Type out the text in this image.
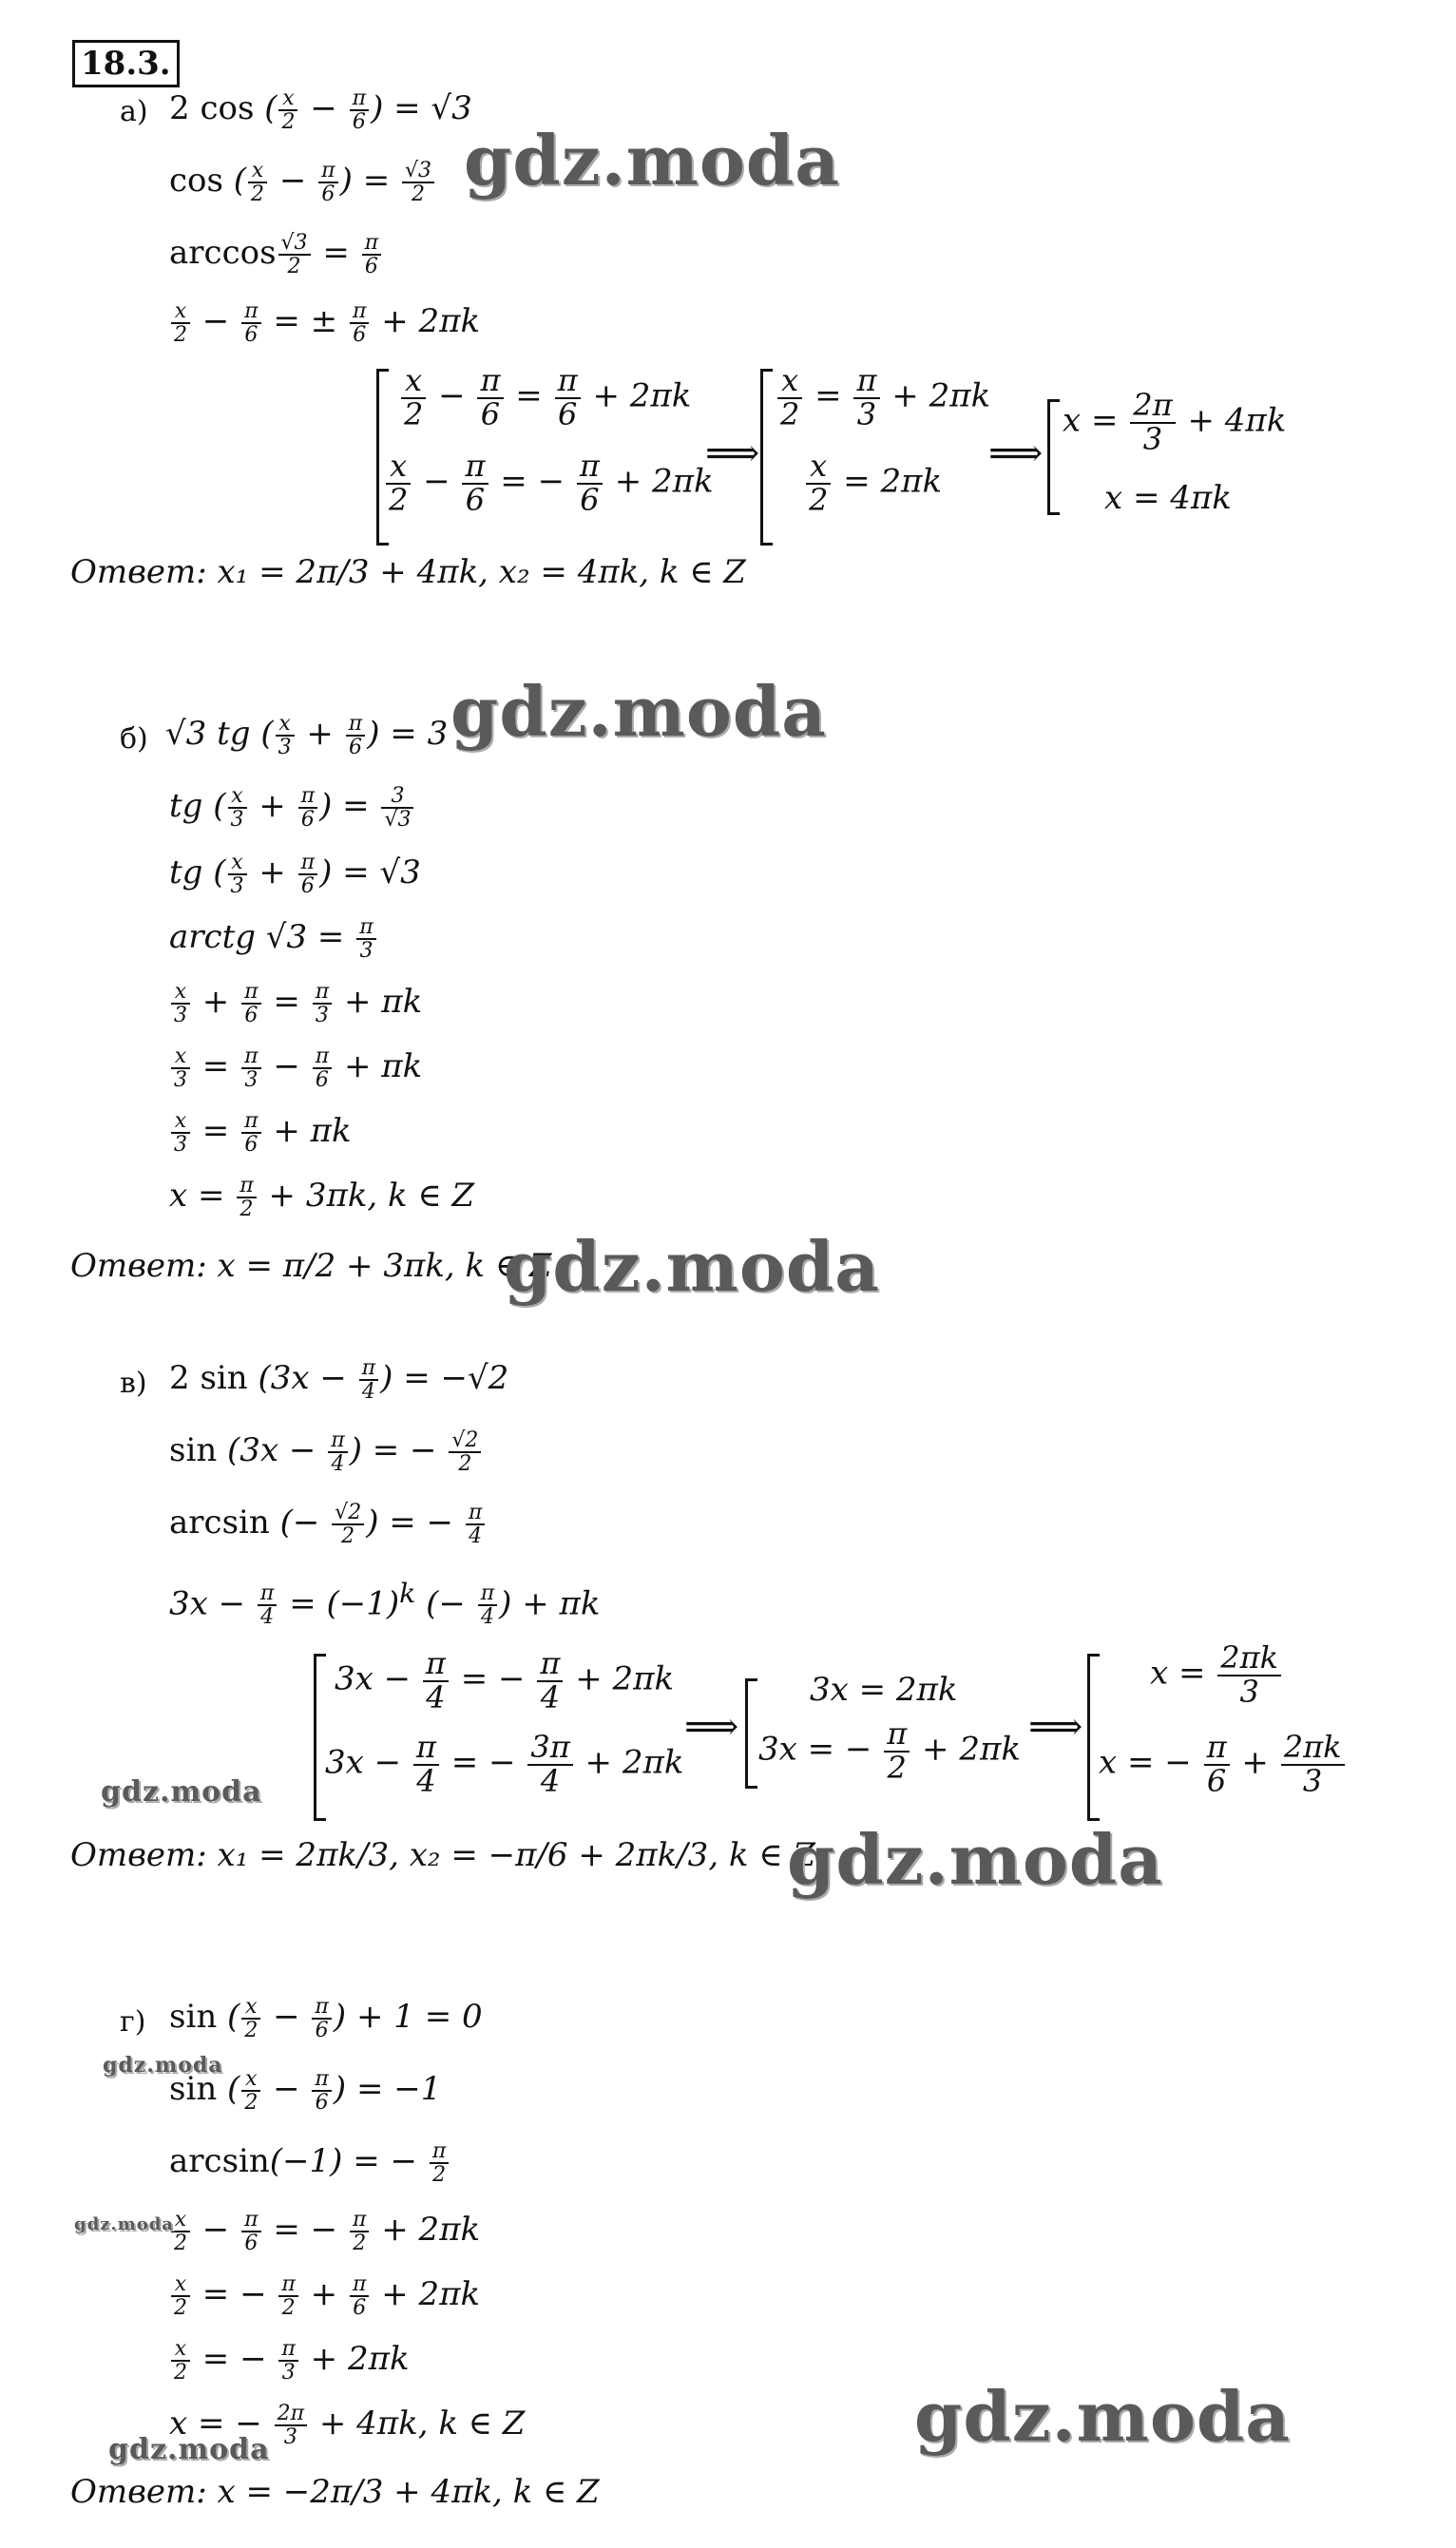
18.3.
а) 2 cos ( $\frac{x}{2} - \frac{\pi}{6}$ ) = √3
cos ( $\frac{x}{2} - \frac{\pi}{6}$ ) = $\frac{√3}{2}$
$\arccos \frac{√3}{2} = \frac{\pi}{6}$
$\frac{x}{2} - \frac{\pi}{6}$ = ± $\frac{\pi}{6} + 2\pi k$
$\frac{x}{2} - \frac{\pi}{6} = \frac{\pi}{6} + 2\pi k$
$\frac{x}{2} - \frac{\pi}{6}$ = − $\frac{\pi}{6} + 2\pi k$
⟹
$\frac{x}{2} = \frac{\pi}{3} + 2\pi k$
$\frac{x}{2} = 2\pi k$
⟹
$x = \frac{2\pi}{3} + 4\pi k$
x = 4πk
Ответ: x₁ = 2π/3 + 4πk, x₂ = 4πk, k ∈ Z
gdz.moda
б) √3 tg ( $\frac{x}{3} + \frac{\pi}{6}$ ) = 3
tg ( $\frac{x}{3} + \frac{\pi}{6}$ ) = $\frac{3}{√3}$
tg ( $\frac{x}{3} + \frac{\pi}{6}$ ) = √3
arctg $√3 = \frac{\pi}{3}$
$\frac{x}{3} + \frac{\pi}{6} = \frac{\pi}{3} + \pi k$
$\frac{x}{3} = \frac{\pi}{3} - \frac{\pi}{6} + \pi k$
$\frac{x}{3} = \frac{\pi}{6} + \pi k$
$x = \frac{\pi}{2} + 3\pi k$, k ∈ Z
Ответ: x = π/2 + 3πk, k ∈ Z
gdz.moda
gdz.moda
в) 2 $\sin (3x - \frac{\pi}{4}$ ) = −√2
$\sin (3x - \frac{\pi}{4}$ ) = − $\frac{√2}{2}$
arcsin (− $\frac{√2}{2}$ ) = − $\frac{\pi}{4}$
$3x - \frac{\pi}{4} = (-1)^k$ (− $\frac{\pi}{4}$ ) + πk
$3x - \frac{\pi}{4}$ = − $\frac{\pi}{4} + 2\pi k$
$3x - \frac{\pi}{4}$ = − $\frac{3\pi}{4} + 2\pi k$
⟹
3x = 2πk
3x = − $\frac{\pi}{2} + 2\pi k$
⟹
$x = \frac{2\pi k}{3}$
x = − $\frac{\pi}{6} + \frac{2\pi k}{3}$
Ответ: x₁ = 2πk/3, x₂ = −π/6 + 2πk/3, k ∈ Z
gdz.moda
gdz.moda
г) sin ( $\frac{x}{2} - \frac{\pi}{6}$ ) + 1 = 0
sin ( $\frac{x}{2} - \frac{\pi}{6}$ ) = −1
arcsin(−1) = − $\frac{\pi}{2}$
$\frac{x}{2} - \frac{\pi}{6}$ = − $\frac{\pi}{2} + 2\pi k$
$\frac{x}{2}$ = − $\frac{\pi}{2} + \frac{\pi}{6} + 2\pi k$
$\frac{x}{2}$ = − $\frac{\pi}{3} + 2\pi k$
x = − $\frac{2\pi}{3} + 4\pi k$, k ∈ Z
Ответ: x = −2π/3 + 4πk, k ∈ Z
gdz.moda
gdz.moda
gdz.moda	gdz.moda
